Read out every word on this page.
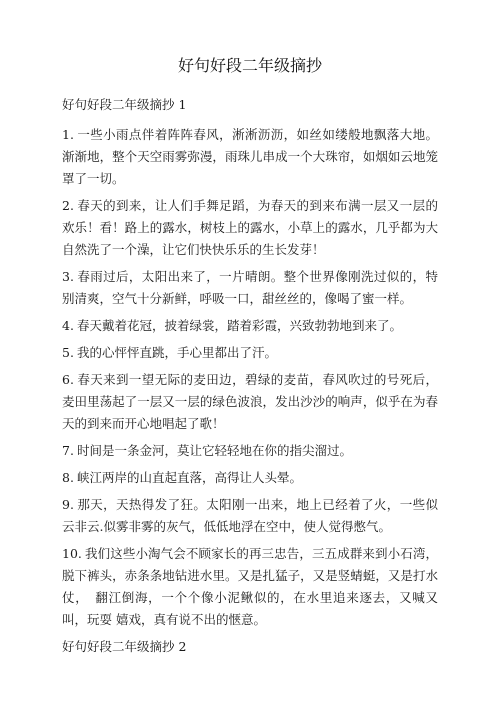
好句好段二年级摘抄
好句好段二年级摘抄 1

1. 一些小雨点伴着阵阵春风，淅淅沥沥，如丝如缕般地飘落大地。渐渐地，整个天空雨雾弥漫，雨珠儿串成一个大珠帘，如烟如云地笼罩了一切。

2. 春天的到来，让人们手舞足蹈，为春天的到来布满一层又一层的欢乐！看！路上的露水，树枝上的露水，小草上的露水，几乎都为大自然洗了一个澡，让它们快快乐乐的生长发芽！

3. 春雨过后，太阳出来了，一片晴朗。整个世界像刚洗过似的，特别清爽，空气十分新鲜，呼吸一口，甜丝丝的，像喝了蜜一样。

4. 春天戴着花冠，披着绿裳，踏着彩霞，兴致勃勃地到来了。

5. 我的心怦怦直跳，手心里都出了汗。

6. 春天来到一望无际的麦田边，碧绿的麦苗，春风吹过的号死后，麦田里荡起了一层又一层的绿色波浪，发出沙沙的响声，似乎在为春天的到来而开心地唱起了歌！

7. 时间是一条金河，莫让它轻轻地在你的指尖溜过。

8. 峡江两岸的山直起直落，高得让人头晕。

9. 那天，天热得发了狂。太阳刚一出来，地上已经着了火，一些似云非云.似雾非雾的灰气，低低地浮在空中，使人觉得憋气。

10. 我们这些小淘气会不顾家长的再三忠告，三五成群来到小石湾，脱下裤头，赤条条地钻进水里。又是扎猛子，又是竖蜻蜓，又是打水仗，　翻江倒海，一个个像小泥鳅似的，在水里追来逐去，又喊又叫，玩耍 嬉戏，真有说不出的惬意。

好句好段二年级摘抄 2
